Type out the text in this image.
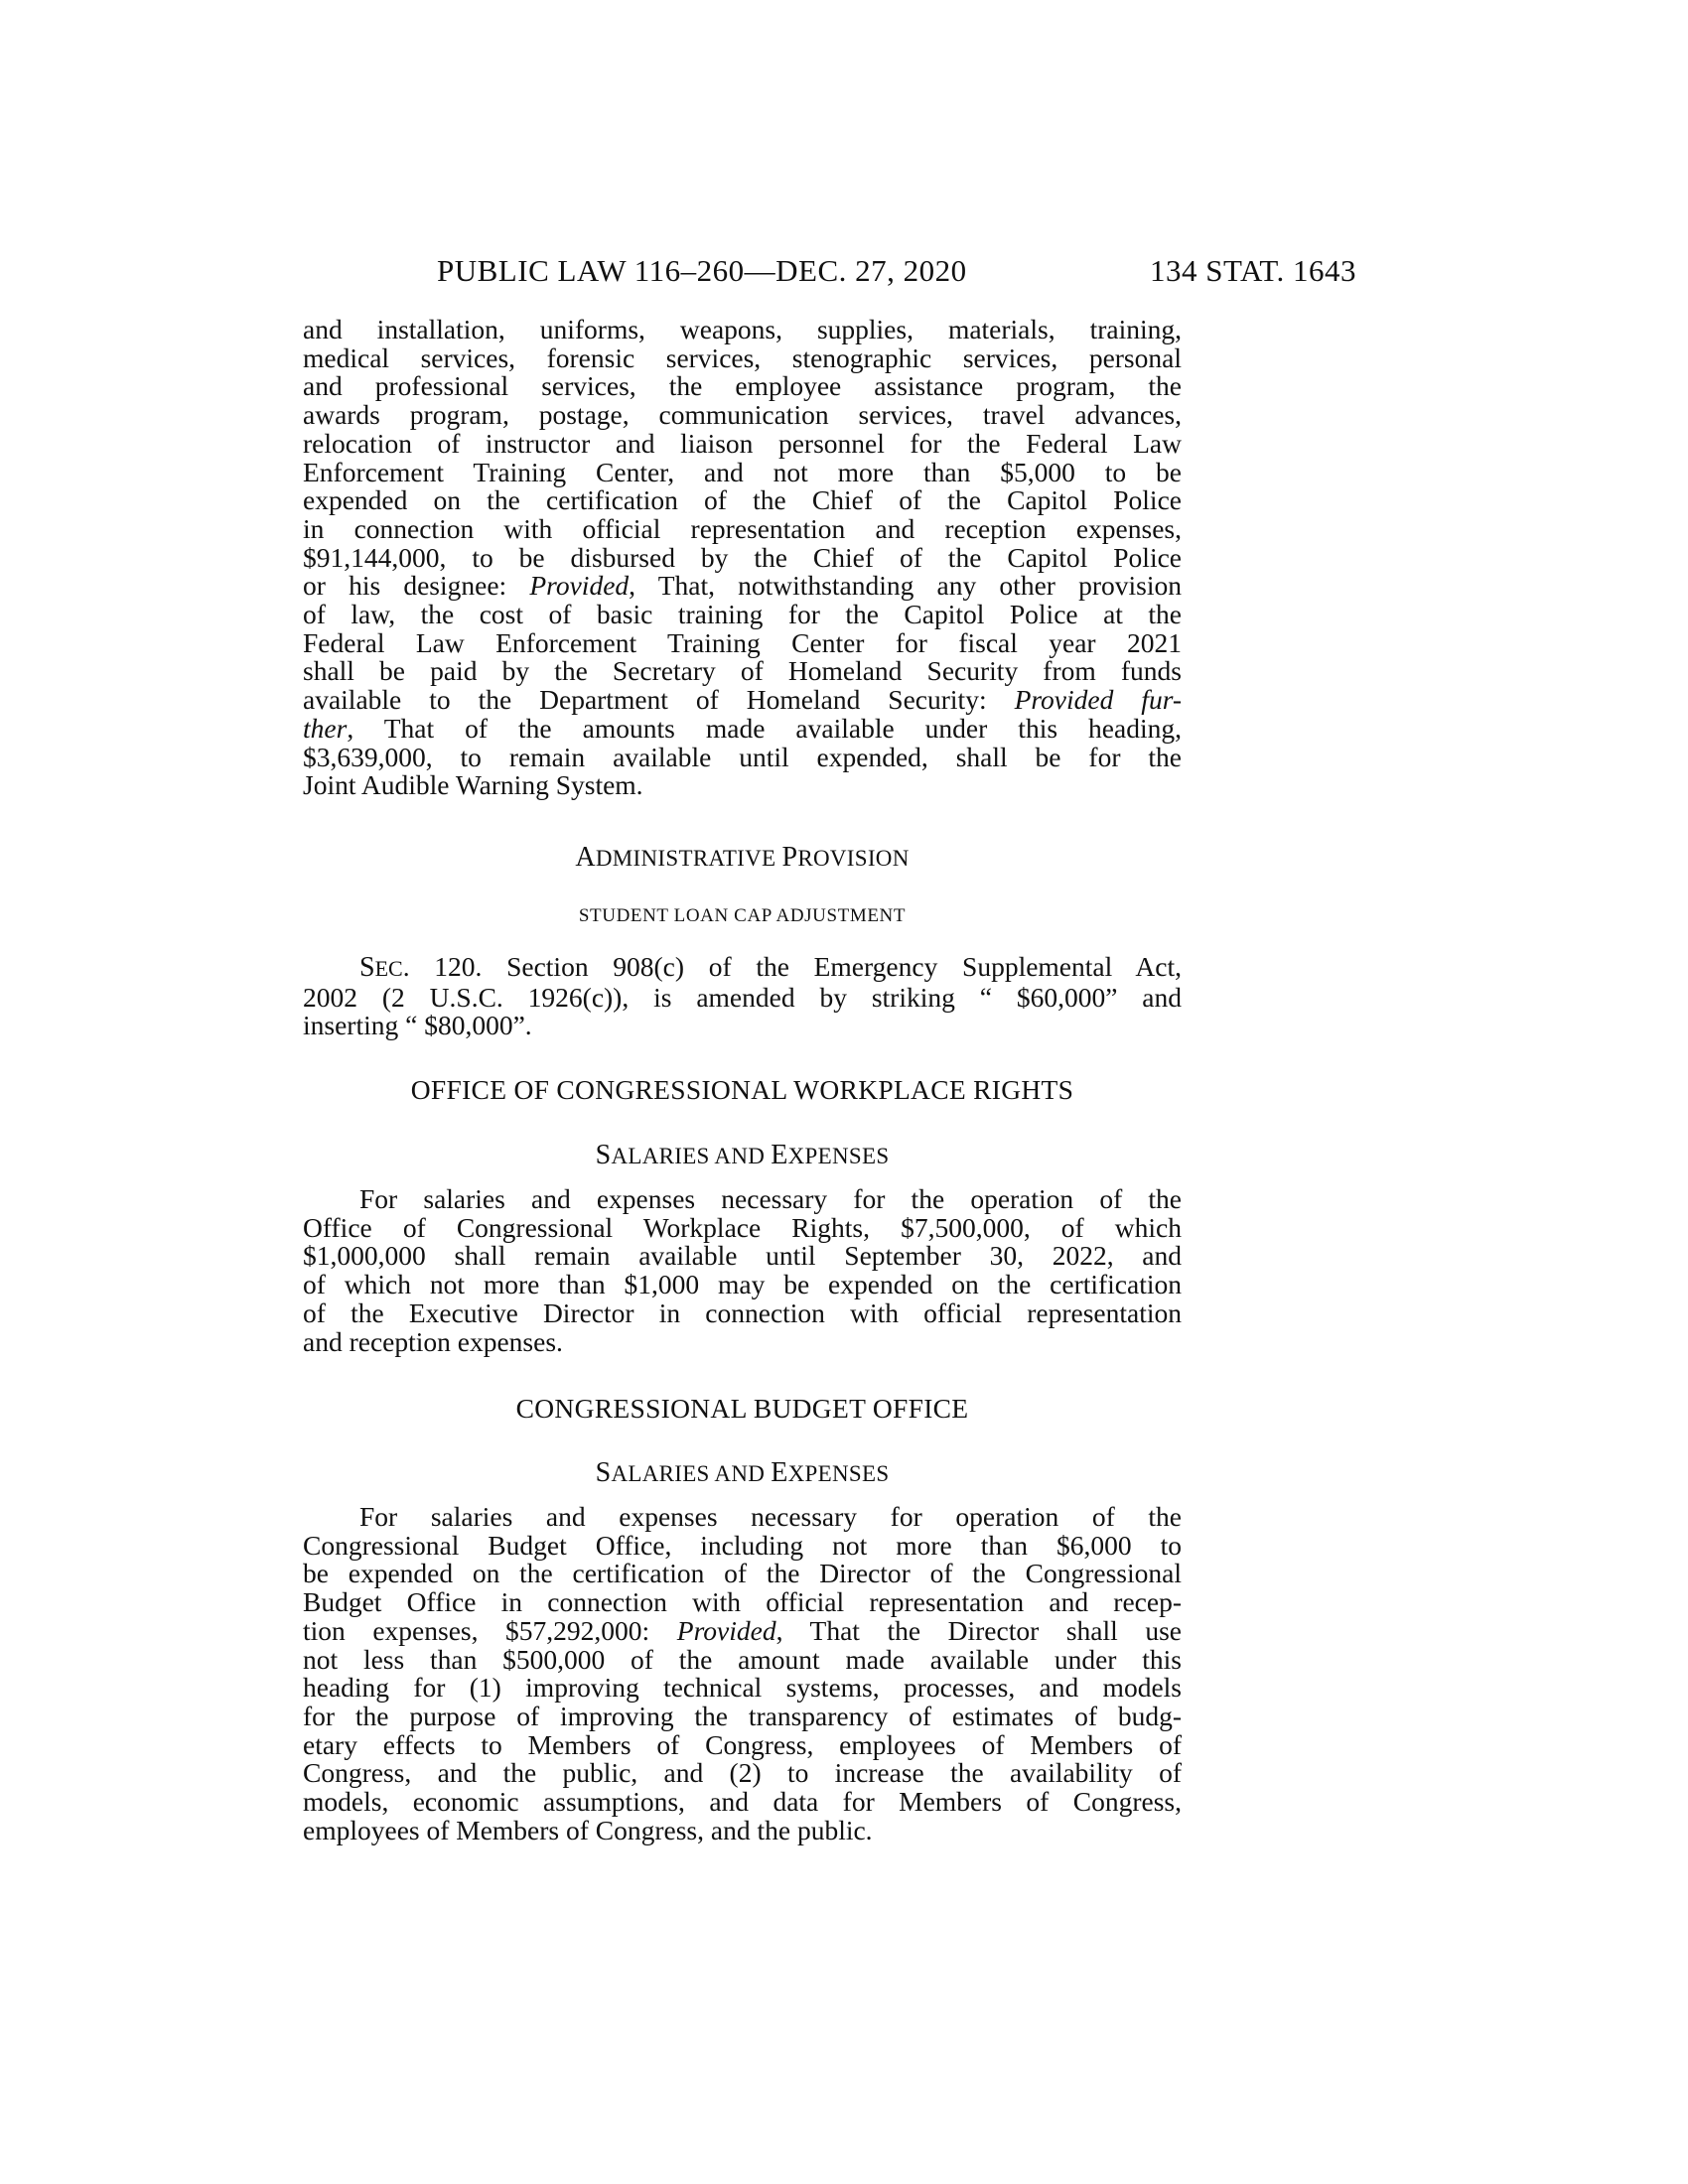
PUBLIC LAW 116–260—DEC. 27, 2020	134 STAT. 1643
and installation, uniforms, weapons, supplies, materials, training,
medical services, forensic services, stenographic services, personal
and professional services, the employee assistance program, the
awards program, postage, communication services, travel advances,
relocation of instructor and liaison personnel for the Federal Law
Enforcement Training Center, and not more than $5,000 to be
expended on the certification of the Chief of the Capitol Police
in connection with official representation and reception expenses,
$91,144,000, to be disbursed by the Chief of the Capitol Police
or his designee: Provided, That, notwithstanding any other provision
of law, the cost of basic training for the Capitol Police at the
Federal Law Enforcement Training Center for fiscal year 2021
shall be paid by the Secretary of Homeland Security from funds
available to the Department of Homeland Security: Provided fur-
ther, That of the amounts made available under this heading,
$3,639,000, to remain available until expended, shall be for the
Joint Audible Warning System.
ADMINISTRATIVE PROVISION
STUDENT LOAN CAP ADJUSTMENT
SEC. 120. Section 908(c) of the Emergency Supplemental Act,
2002 (2 U.S.C. 1926(c)), is amended by striking “ $60,000” and
inserting “ $80,000”.
OFFICE OF CONGRESSIONAL WORKPLACE RIGHTS
SALARIES AND EXPENSES
For salaries and expenses necessary for the operation of the
Office of Congressional Workplace Rights, $7,500,000, of which
$1,000,000 shall remain available until September 30, 2022, and
of which not more than $1,000 may be expended on the certification
of the Executive Director in connection with official representation
and reception expenses.
CONGRESSIONAL BUDGET OFFICE
SALARIES AND EXPENSES
For salaries and expenses necessary for operation of the
Congressional Budget Office, including not more than $6,000 to
be expended on the certification of the Director of the Congressional
Budget Office in connection with official representation and recep-
tion expenses, $57,292,000: Provided, That the Director shall use
not less than $500,000 of the amount made available under this
heading for (1) improving technical systems, processes, and models
for the purpose of improving the transparency of estimates of budg-
etary effects to Members of Congress, employees of Members of
Congress, and the public, and (2) to increase the availability of
models, economic assumptions, and data for Members of Congress,
employees of Members of Congress, and the public.
